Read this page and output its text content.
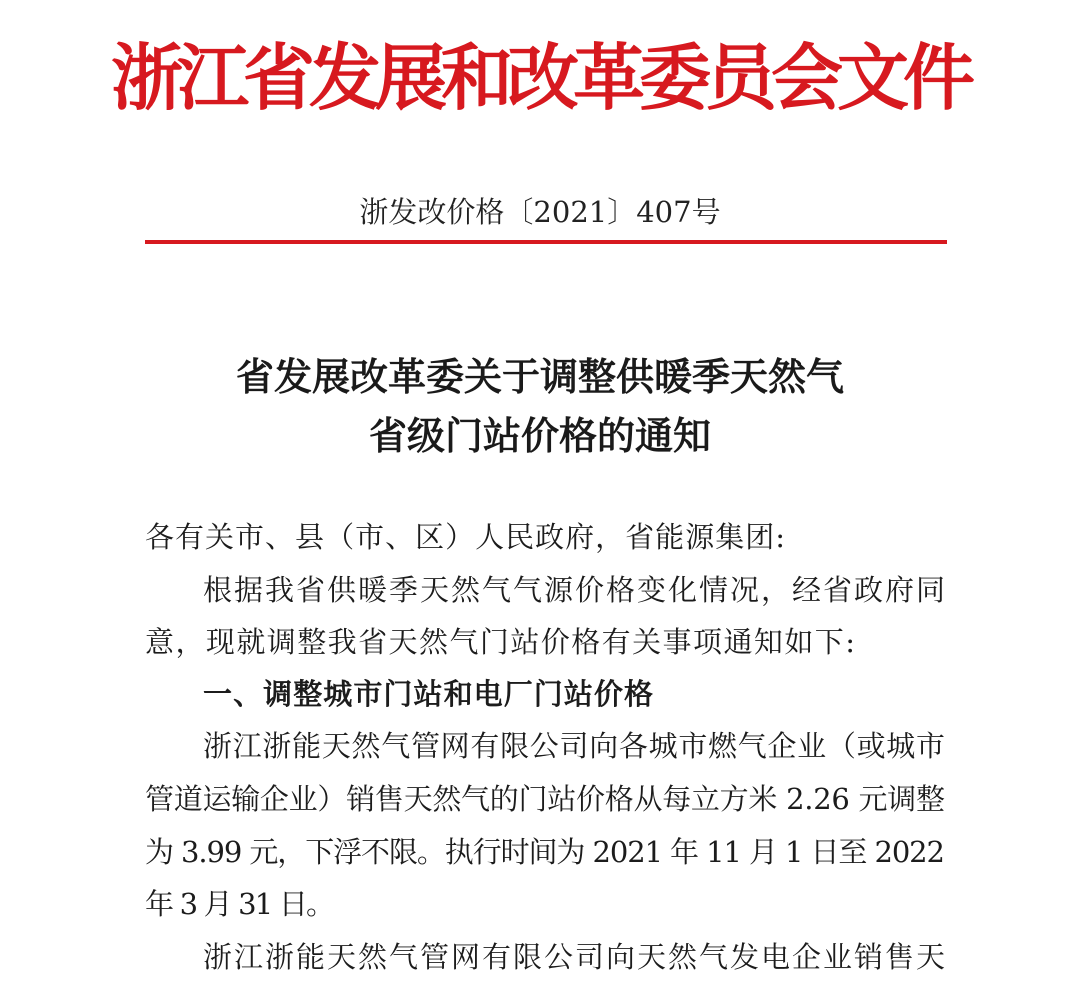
浙江省发展和改革委员会文件
浙发改价格〔2021〕407号
省发展改革委关于调整供暖季天然气
省级门站价格的通知
各有关市、县（市、区）人民政府，省能源集团:
根据我省供暖季天然气气源价格变化情况，经省政府同
意，现就调整我省天然气门站价格有关事项通知如下:
一、调整城市门站和电厂门站价格
浙江浙能天然气管网有限公司向各城市燃气企业（或城市
管道运输企业）销售天然气的门站价格从每立方米 2.26 元调整
为 3.99 元，下浮不限。执行时间为 2021 年 11 月 1 日至 2022
年 3 月 31 日。
浙江浙能天然气管网有限公司向天然气发电企业销售天
